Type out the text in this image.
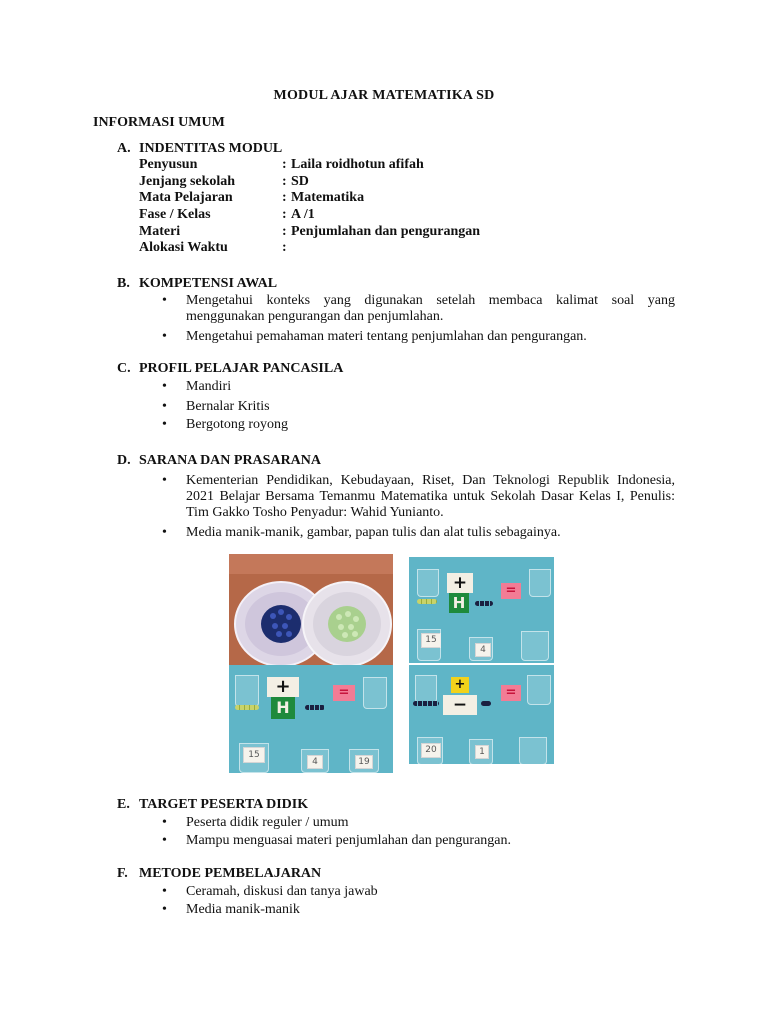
MODUL AJAR MATEMATIKA SD
INFORMASI UMUM
A. INDENTITAS MODUL
Penyusun	: Laila roidhotun afifah
Jenjang sekolah	: SD
Mata Pelajaran	: Matematika
Fase / Kelas	: A /1
Materi	: Penjumlahan dan pengurangan
Alokasi Waktu	:
B. KOMPETENSI AWAL
• Mengetahui konteks yang digunakan setelah membaca kalimat soal yang menggunakan pengurangan dan penjumlahan.
• Mengetahui pemahaman materi tentang penjumlahan dan pengurangan.
C. PROFIL PELAJAR PANCASILA
• Mandiri
• Bernalar Kritis
• Bergotong royong
D. SARANA DAN PRASARANA
• Kementerian Pendidikan, Kebudayaan, Riset, Dan Teknologi Republik Indonesia, 2021 Belajar Bersama Temanmu Matematika untuk Sekolah Dasar Kelas I, Penulis: Tim Gakko Tosho Penyadur: Wahid Yunianto.
• Media manik-manik, gambar, papan tulis dan alat tulis sebagainya.
+
H
=
15
4
+
H
=
15
4	19
+
−
=
20	1
E. TARGET PESERTA DIDIK
• Peserta didik reguler / umum
• Mampu menguasai materi penjumlahan dan pengurangan.
F. METODE PEMBELAJARAN
• Ceramah, diskusi dan tanya jawab
• Media manik-manik
